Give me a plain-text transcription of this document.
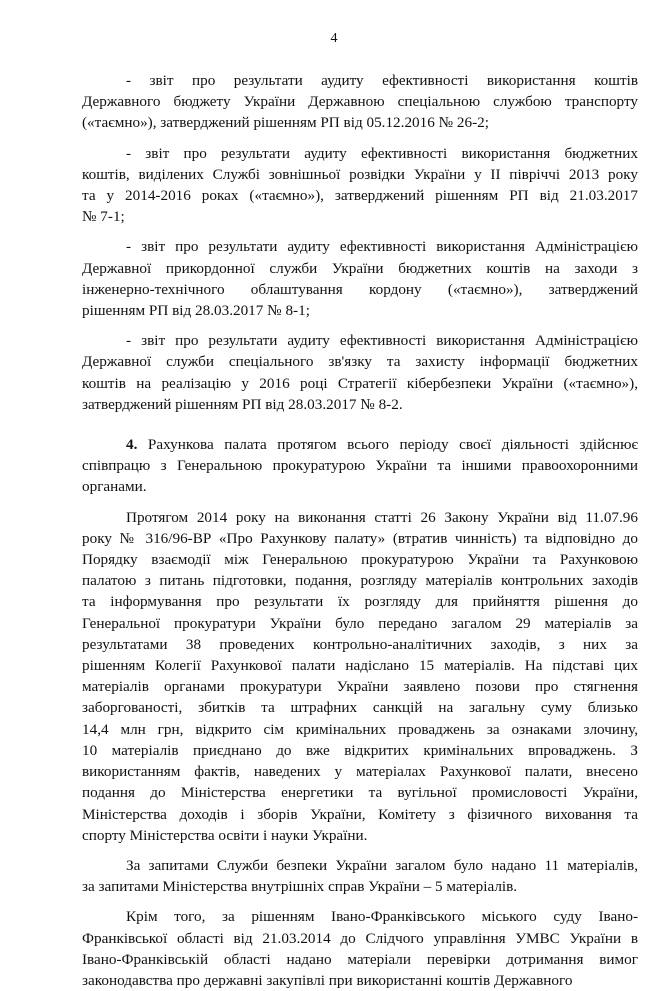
4

- звіт про результати аудиту ефективності використання коштів
Державного бюджету України Державною спеціальною службою транспорту
(«таємно»), затверджений рішенням РП від 05.12.2016 № 26-2;

- звіт про результати аудиту ефективності використання бюджетних
коштів, виділених Службі зовнішньої розвідки України у ІІ півріччі 2013 року
та у 2014-2016 роках («таємно»), затверджений рішенням РП від 21.03.2017
№ 7-1;

- звіт про результати аудиту ефективності використання Адміністрацією
Державної прикордонної служби України бюджетних коштів на заходи з
інженерно-технічного облаштування кордону («таємно»), затверджений
рішенням РП від 28.03.2017 № 8-1;

- звіт про результати аудиту ефективності використання Адміністрацією
Державної служби спеціального зв'язку та захисту інформації бюджетних
коштів на реалізацію у 2016 році Стратегії кібербезпеки України («таємно»),
затверджений рішенням РП від 28.03.2017 № 8-2.

4. Рахункова палата протягом всього періоду своєї діяльності здійснює
співпрацю з Генеральною прокуратурою України та іншими правоохоронними
органами.

Протягом 2014 року на виконання статті 26 Закону України від 11.07.96
року № 316/96-ВР «Про Рахункову палату» (втратив чинність) та відповідно до
Порядку взаємодії між Генеральною прокуратурою України та Рахунковою
палатою з питань підготовки, подання, розгляду матеріалів контрольних заходів
та інформування про результати їх розгляду для прийняття рішення до
Генеральної прокуратури України було передано загалом 29 матеріалів за
результатами 38 проведених контрольно-аналітичних заходів, з них за
рішенням Колегії Рахункової палати надіслано 15 матеріалів. На підставі цих
матеріалів органами прокуратури України заявлено позови про стягнення
заборгованості, збитків та штрафних санкцій на загальну суму близько
14,4 млн грн, відкрито сім кримінальних проваджень за ознаками злочину,
10 матеріалів приєднано до вже відкритих кримінальних впроваджень. З
використанням фактів, наведених у матеріалах Рахункової палати, внесено
подання до Міністерства енергетики та вугільної промисловості України,
Міністерства доходів і зборів України, Комітету з фізичного виховання та
спорту Міністерства освіти і науки України.

За запитами Служби безпеки України загалом було надано 11 матеріалів,
за запитами Міністерства внутрішніх справ України – 5 матеріалів.

Крім того, за рішенням Івано-Франківського міського суду Івано-
Франківської області від 21.03.2014 до Слідчого управління УМВС України в
Івано-Франківській області надано матеріали перевірки дотримання вимог
законодавства про державні закупівлі при використанні коштів Державного
